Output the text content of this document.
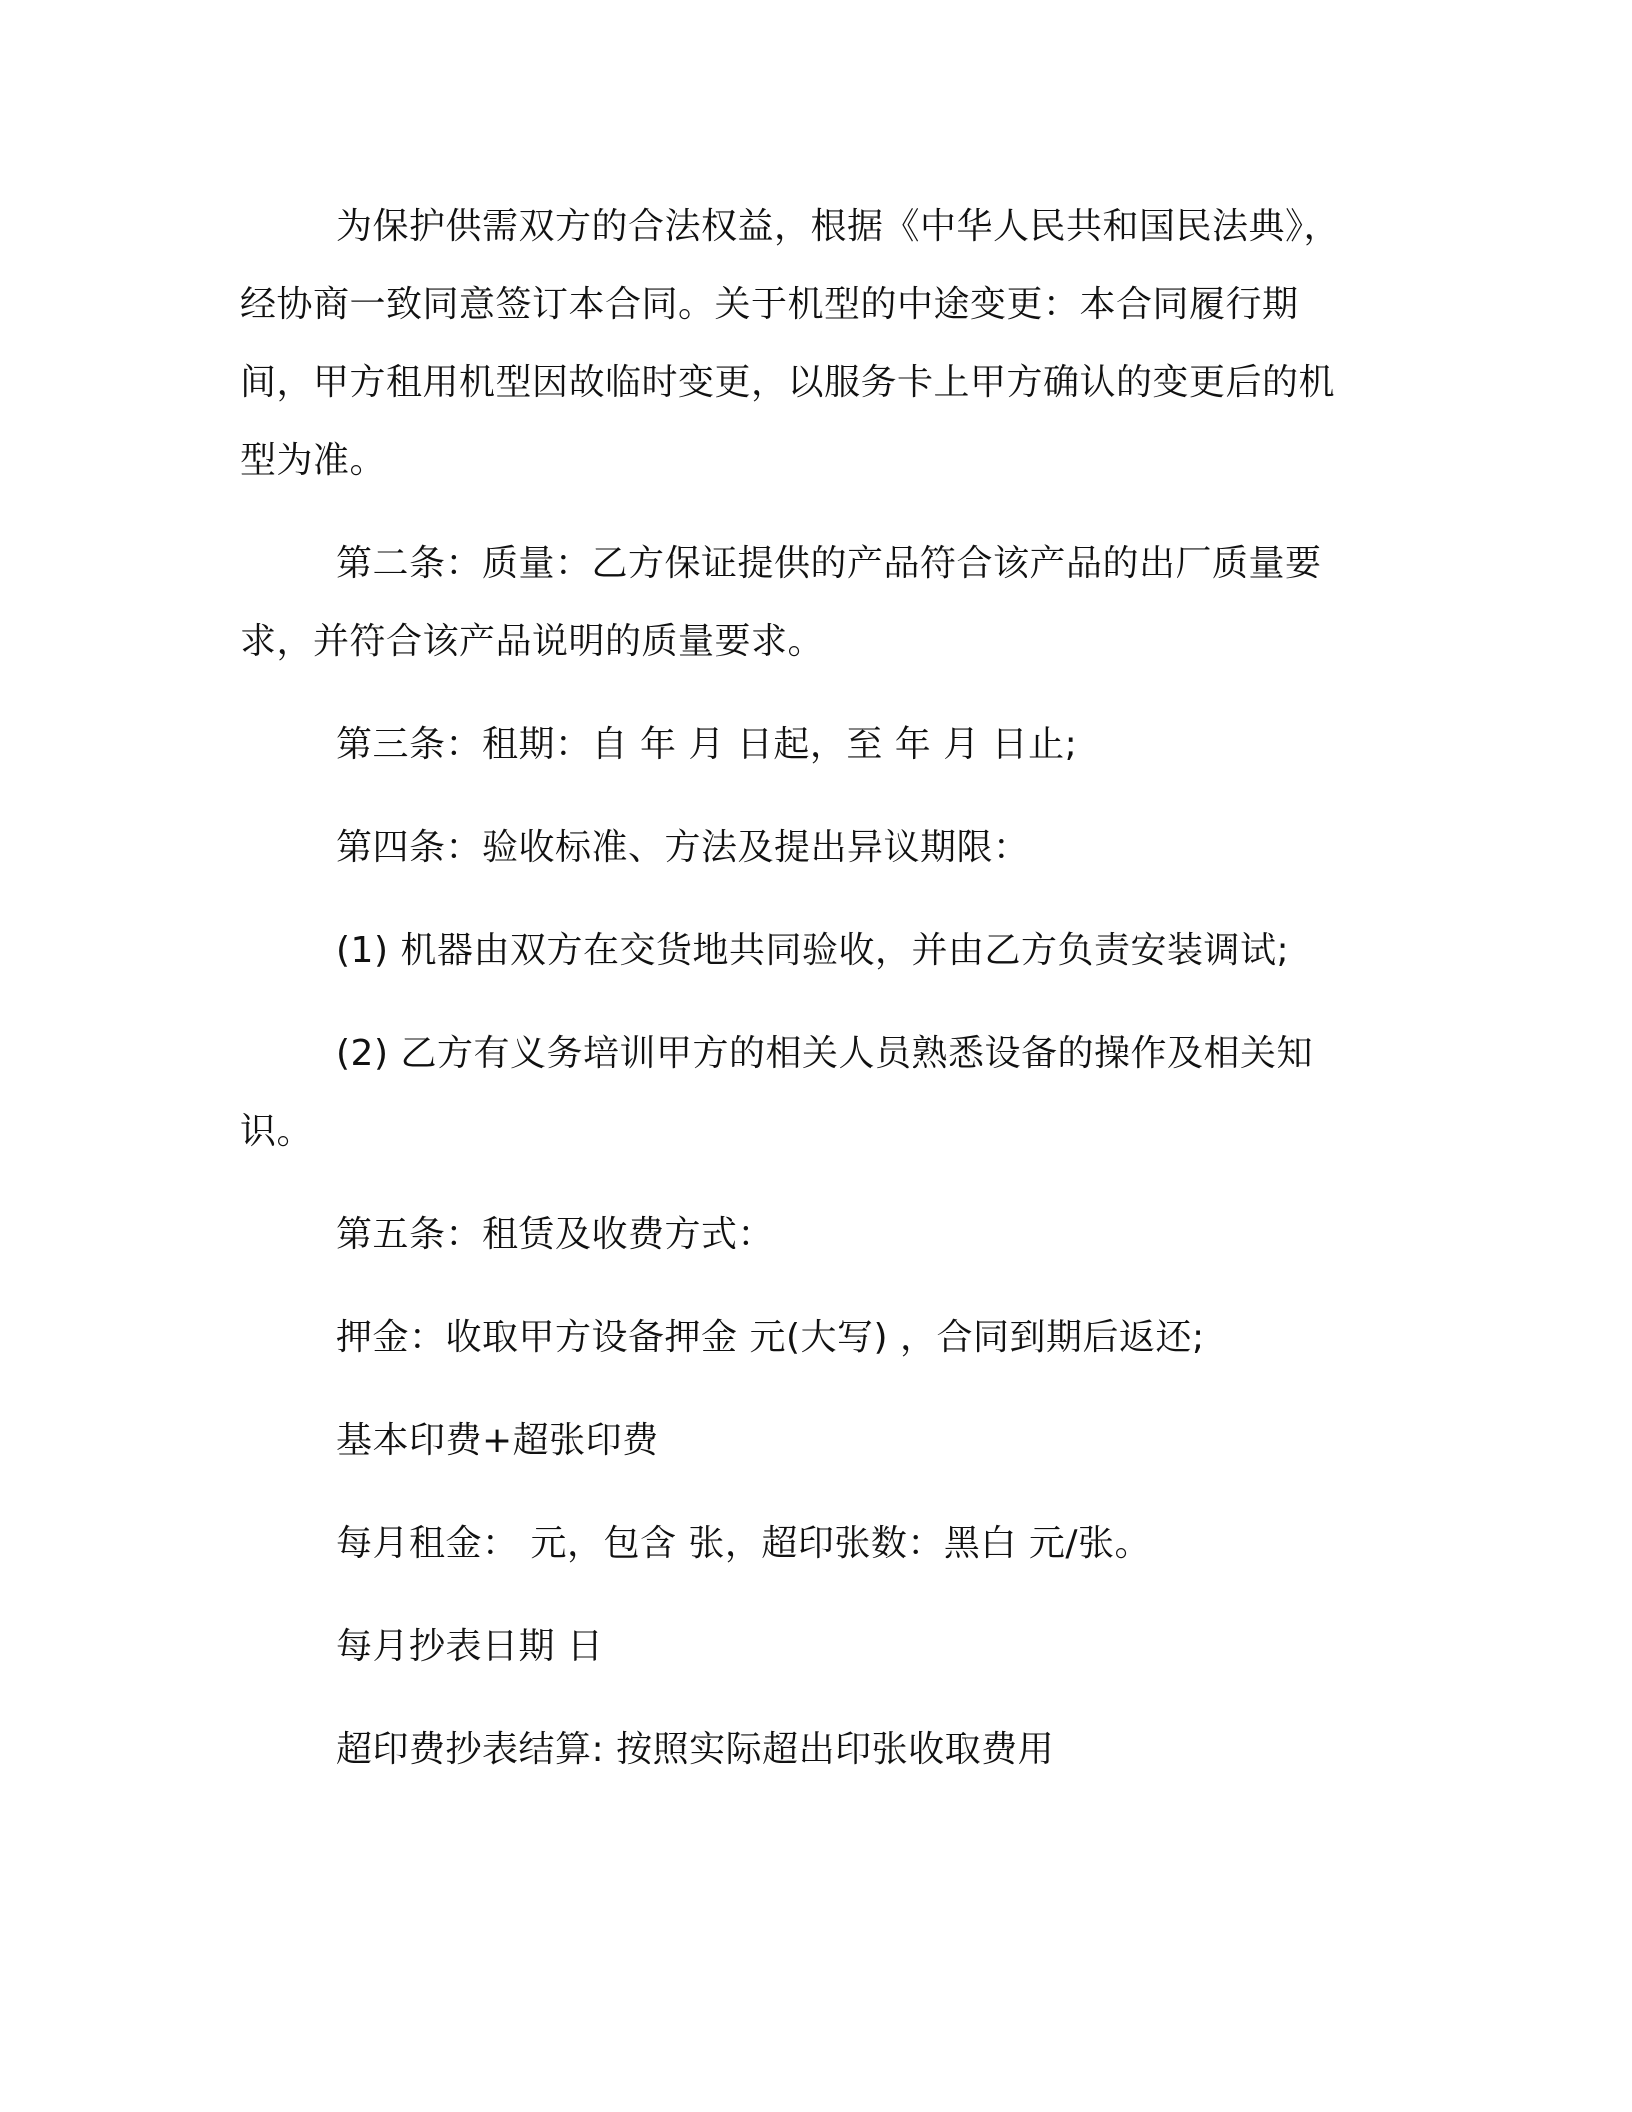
为保护供需双方的合法权益，根据《中华人民共和国民法典》，经协商一致同意签订本合同。关于机型的中途变更：本合同履行期间，甲方租用机型因故临时变更，以服务卡上甲方确认的变更后的机型为准。

第二条：质量：乙方保证提供的产品符合该产品的出厂质量要求，并符合该产品说明的质量要求。

第三条：租期：自 年 月 日起，至 年 月 日止;

第四条：验收标准、方法及提出异议期限：

(1) 机器由双方在交货地共同验收，并由乙方负责安装调试;

(2) 乙方有义务培训甲方的相关人员熟悉设备的操作及相关知识。

第五条：租赁及收费方式：

押金：收取甲方设备押金 元(大写) ，合同到期后返还;

基本印费+超张印费

每月租金： 元，包含 张，超印张数：黑白 元/张。

每月抄表日期 日

超印费抄表结算: 按照实际超出印张收取费用
